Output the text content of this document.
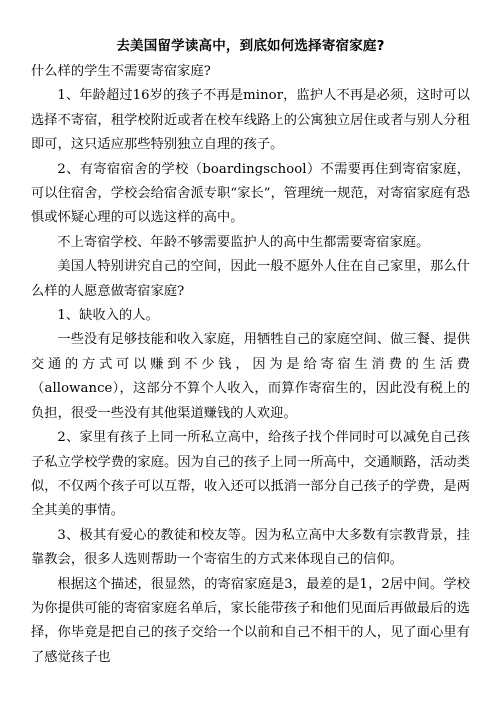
去美国留学读高中，到底如何选择寄宿家庭?

什么样的学生不需要寄宿家庭?

1、年龄超过16岁的孩子不再是minor，监护人不再是必须，这时可以选择不寄宿，租学校附近或者在校车线路上的公寓独立居住或者与别人分租即可，这只适应那些特别独立自理的孩子。

2、有寄宿宿舍的学校（boardingschool）不需要再住到寄宿家庭，可以住宿舍，学校会给宿舍派专职“家长”，管理统一规范，对寄宿家庭有恐惧或怀疑心理的可以选这样的高中。

不上寄宿学校、年龄不够需要监护人的高中生都需要寄宿家庭。

美国人特别讲究自己的空间，因此一般不愿外人住在自己家里，那么什么样的人愿意做寄宿家庭?

1、缺收入的人。

一些没有足够技能和收入家庭，用牺牲自己的家庭空间、做三餐、提供交通的方式可以赚到不少钱，因为是给寄宿生消费的生活费（allowance），这部分不算个人收入，而算作寄宿生的，因此没有税上的负担，很受一些没有其他渠道赚钱的人欢迎。

2、家里有孩子上同一所私立高中，给孩子找个伴同时可以减免自己孩子私立学校学费的家庭。因为自己的孩子上同一所高中，交通顺路，活动类似，不仅两个孩子可以互帮，收入还可以抵消一部分自己孩子的学费，是两全其美的事情。

3、极其有爱心的教徒和校友等。因为私立高中大多数有宗教背景，挂靠教会，很多人选则帮助一个寄宿生的方式来体现自己的信仰。

根据这个描述，很显然，的寄宿家庭是3，最差的是1，2居中间。学校为你提供可能的寄宿家庭名单后，家长能带孩子和他们见面后再做最后的选择，你毕竟是把自己的孩子交给一个以前和自己不相干的人，见了面心里有了感觉孩子也
